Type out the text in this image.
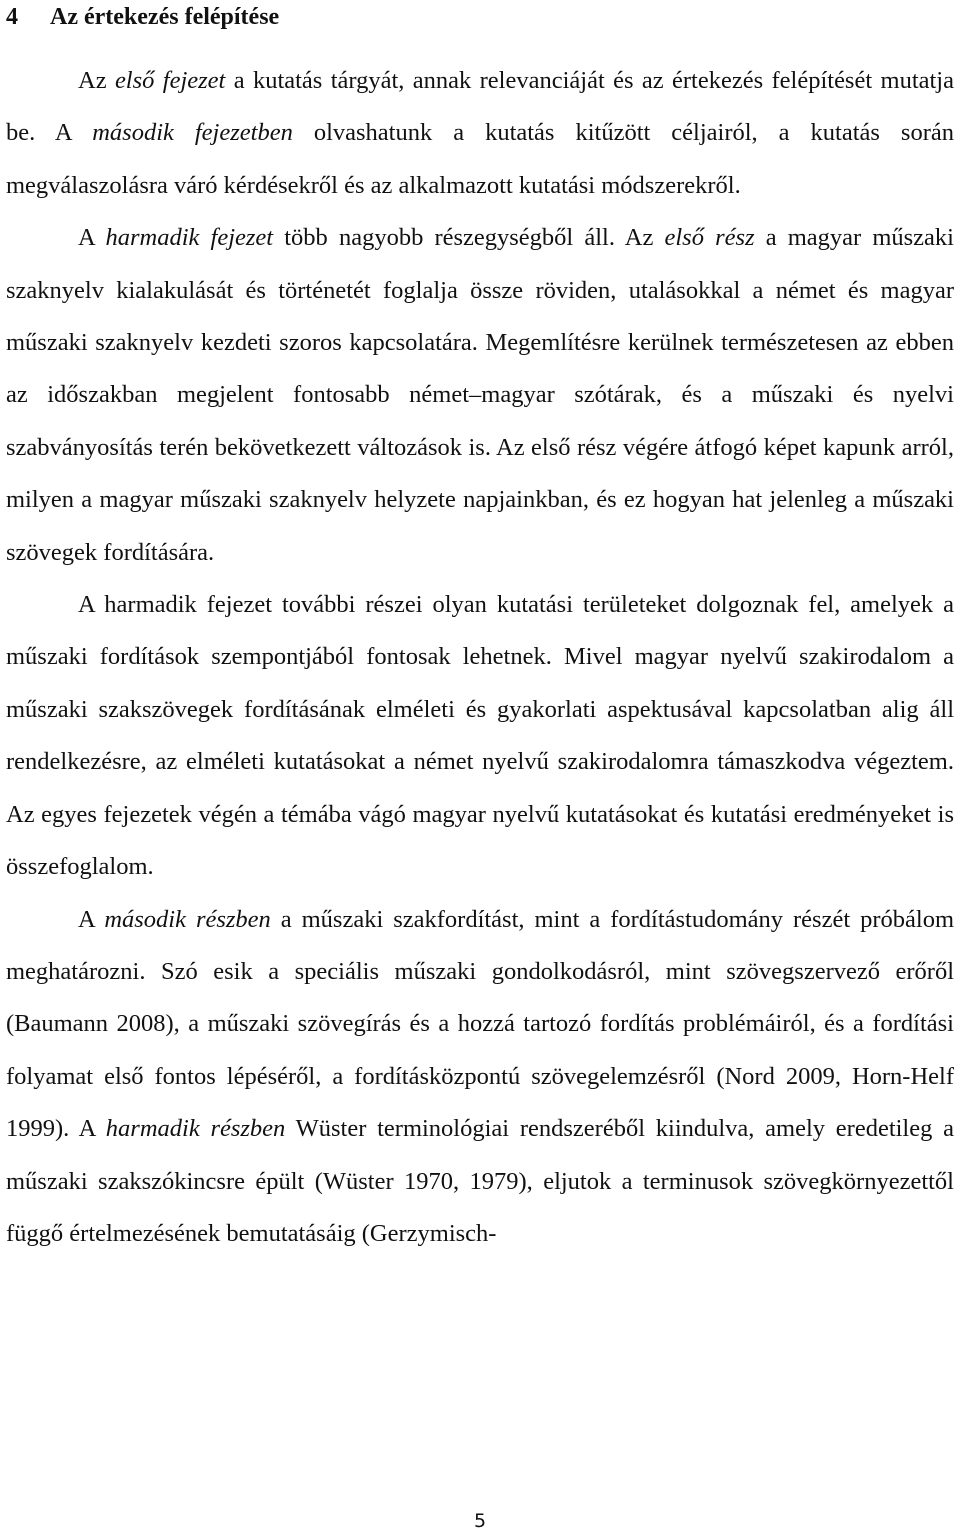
4 Az értekezés felépítése

Az első fejezet a kutatás tárgyát, annak relevanciáját és az értekezés felépítését mutatja be. A második fejezetben olvashatunk a kutatás kitűzött céljairól, a kutatás során megválaszolásra váró kérdésekről és az alkalmazott kutatási módszerekről.

A harmadik fejezet több nagyobb részegységből áll. Az első rész a magyar műszaki szaknyelv kialakulását és történetét foglalja össze röviden, utalásokkal a német és magyar műszaki szaknyelv kezdeti szoros kapcsolatára. Megemlítésre kerülnek természetesen az ebben az időszakban megjelent fontosabb német–magyar szótárak, és a műszaki és nyelvi szabványosítás terén bekövetkezett változások is. Az első rész végére átfogó képet kapunk arról, milyen a magyar műszaki szaknyelv helyzete napjainkban, és ez hogyan hat jelenleg a műszaki szövegek fordítására.

A harmadik fejezet további részei olyan kutatási területeket dolgoznak fel, amelyek a műszaki fordítások szempontjából fontosak lehetnek. Mivel magyar nyelvű szakirodalom a műszaki szakszövegek fordításának elméleti és gyakorlati aspektusával kapcsolatban alig áll rendelkezésre, az elméleti kutatásokat a német nyelvű szakirodalomra támaszkodva végeztem. Az egyes fejezetek végén a témába vágó magyar nyelvű kutatásokat és kutatási eredményeket is összefoglalom.

A második részben a műszaki szakfordítást, mint a fordítástudomány részét próbálom meghatározni. Szó esik a speciális műszaki gondolkodásról, mint szövegszervező erőről (Baumann 2008), a műszaki szövegírás és a hozzá tartozó fordítás problémáiról, és a fordítási folyamat első fontos lépéséről, a fordításközpontú szövegelemzésről (Nord 2009, Horn-Helf 1999). A harmadik részben Wüster terminológiai rendszeréből kiindulva, amely eredetileg a műszaki szakszókincsre épült (Wüster 1970, 1979), eljutok a terminusok szövegkörnyezettől függő értelmezésének bemutatásáig (Gerzymisch-

5
